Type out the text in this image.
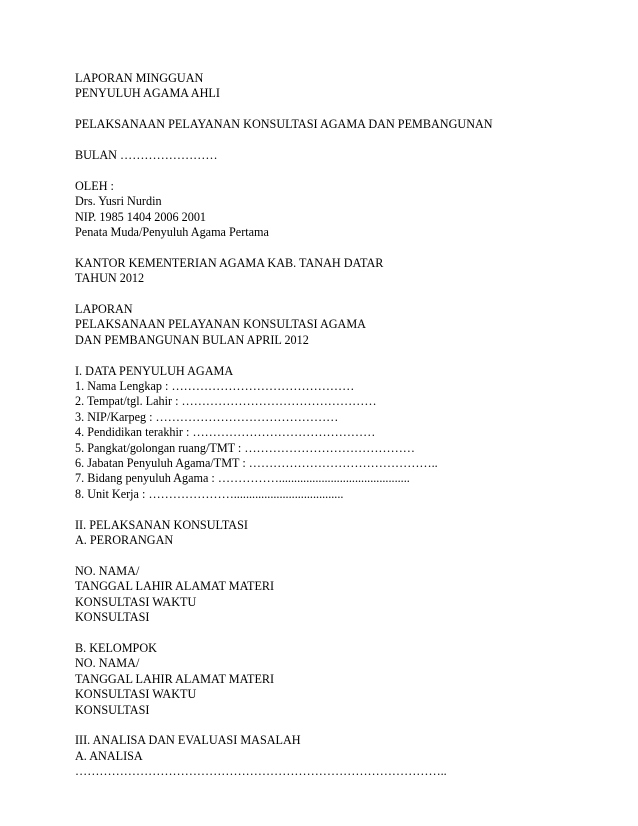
LAPORAN MINGGUAN
PENYULUH AGAMA AHLI
PELAKSANAAN PELAYANAN KONSULTASI AGAMA DAN PEMBANGUNAN
BULAN ……………………
OLEH :
Drs. Yusri Nurdin
NIP. 1985 1404 2006 2001
Penata Muda/Penyuluh Agama Pertama
KANTOR KEMENTERIAN AGAMA KAB. TANAH DATAR
TAHUN 2012
LAPORAN
PELAKSANAAN PELAYANAN KONSULTASI AGAMA
DAN PEMBANGUNAN BULAN APRIL 2012
I. DATA PENYULUH AGAMA
1. Nama Lengkap : ………………………………………
2. Tempat/tgl. Lahir : …………………………………………
3. NIP/Karpeg : ………………………………………
4. Pendidikan terakhir : ………………………………………
5. Pangkat/golongan ruang/TMT : ……………………………………
6. Jabatan Penyuluh Agama/TMT : ………………………………………..
7. Bidang penyuluh Agama : ……………...........................................
8. Unit Kerja : …………………....................................
II. PELAKSANAN KONSULTASI
A. PERORANGAN
NO. NAMA/
TANGGAL LAHIR ALAMAT MATERI
KONSULTASI WAKTU
KONSULTASI
B. KELOMPOK
NO. NAMA/
TANGGAL LAHIR ALAMAT MATERI
KONSULTASI WAKTU
KONSULTASI
III. ANALISA DAN EVALUASI MASALAH
A. ANALISA
………………………………………………………………………………..
